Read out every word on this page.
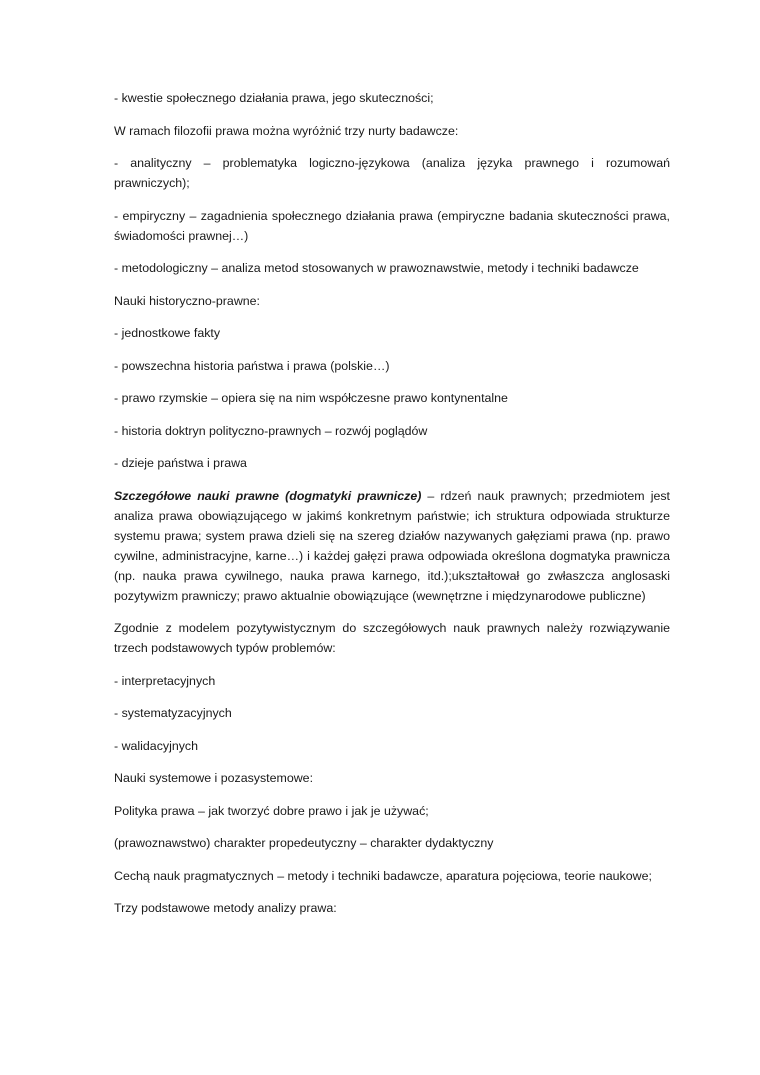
- kwestie społecznego działania prawa, jego skuteczności;

W ramach filozofii prawa można wyróżnić trzy nurty badawcze:

- analityczny – problematyka logiczno-językowa (analiza języka prawnego i rozumowań prawniczych);

- empiryczny – zagadnienia społecznego działania prawa (empiryczne badania skuteczności prawa, świadomości prawnej…)

- metodologiczny – analiza metod stosowanych w prawoznawstwie, metody i techniki badawcze

Nauki historyczno-prawne:

- jednostkowe fakty

- powszechna historia państwa i prawa (polskie…)

- prawo rzymskie – opiera się na nim współczesne prawo kontynentalne

- historia doktryn polityczno-prawnych – rozwój poglądów

- dzieje państwa i prawa

Szczegółowe nauki prawne (dogmatyki prawnicze) – rdzeń nauk prawnych; przedmiotem jest analiza prawa obowiązującego w jakimś konkretnym państwie; ich struktura odpowiada strukturze systemu prawa; system prawa dzieli się na szereg działów nazywanych gałęziami prawa (np. prawo cywilne, administracyjne, karne…) i każdej gałęzi prawa odpowiada określona dogmatyka prawnicza (np. nauka prawa cywilnego, nauka prawa karnego, itd.);ukształtował go zwłaszcza anglosaski pozytywizm prawniczy; prawo aktualnie obowiązujące (wewnętrzne i międzynarodowe publiczne)

Zgodnie z modelem pozytywistycznym do szczegółowych nauk prawnych należy rozwiązywanie trzech podstawowych typów problemów:

- interpretacyjnych

- systematyzacyjnych

- walidacyjnych

Nauki systemowe i pozasystemowe:

Polityka prawa – jak tworzyć dobre prawo i jak je używać;

(prawoznawstwo) charakter propedeutyczny – charakter dydaktyczny

Cechą nauk pragmatycznych – metody i techniki badawcze, aparatura pojęciowa, teorie naukowe;

Trzy podstawowe metody analizy prawa:
